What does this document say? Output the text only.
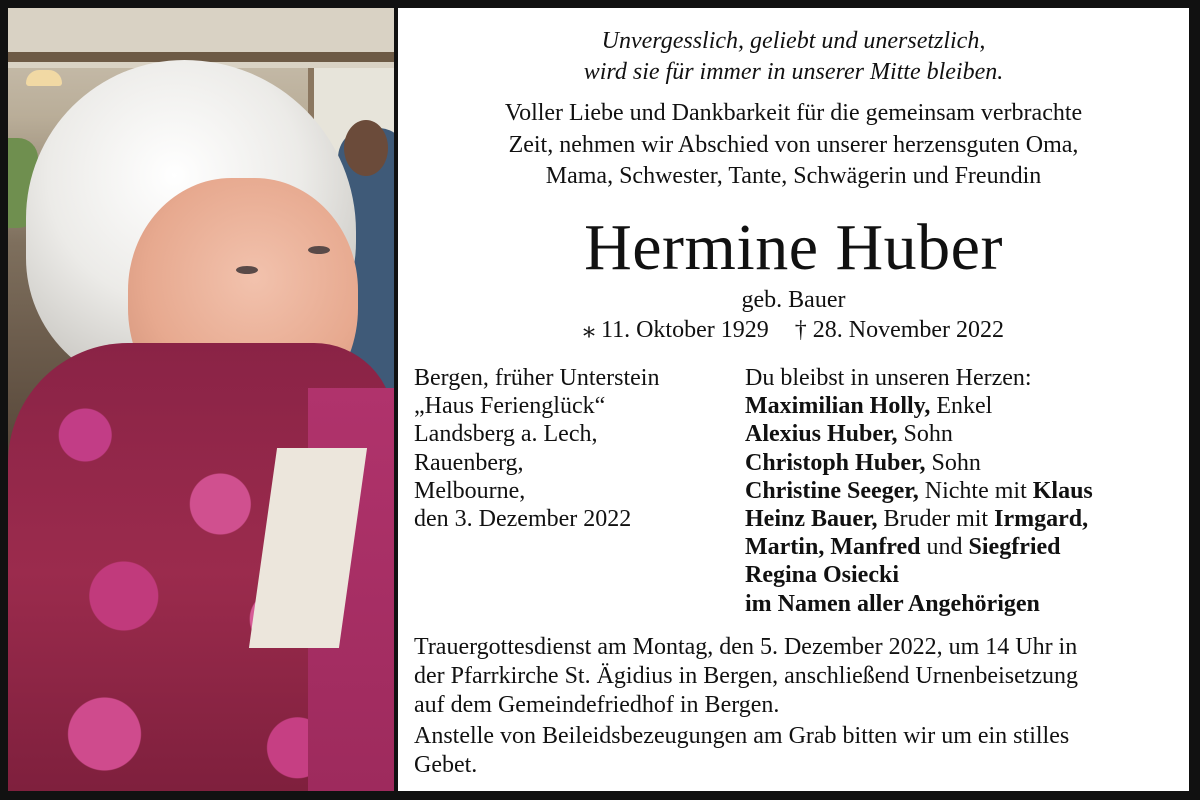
Unvergesslich, geliebt und unersetzlich,
wird sie für immer in unserer Mitte bleiben.
Voller Liebe und Dankbarkeit für die gemeinsam verbrachte
Zeit, nehmen wir Abschied von unserer herzensguten Oma,
Mama, Schwester, Tante, Schwägerin und Freundin
Hermine Huber
geb. Bauer
⁎ 11. Oktober 1929 † 28. November 2022
Bergen, früher Unterstein
„Haus Ferienglück“
Landsberg a. Lech,
Rauenberg,
Melbourne,
den 3. Dezember 2022
Du bleibst in unseren Herzen:
Maximilian Holly, Enkel
Alexius Huber, Sohn
Christoph Huber, Sohn
Christine Seeger, Nichte mit Klaus
Heinz Bauer, Bruder mit Irmgard,
Martin, Manfred und Siegfried
Regina Osiecki
im Namen aller Angehörigen
Trauergottesdienst am Montag, den 5. Dezember 2022, um 14 Uhr in
der Pfarrkirche St. Ägidius in Bergen, anschließend Urnenbeisetzung
auf dem Gemeindefriedhof in Bergen.
Anstelle von Beileidsbezeugungen am Grab bitten wir um ein stilles
Gebet.
